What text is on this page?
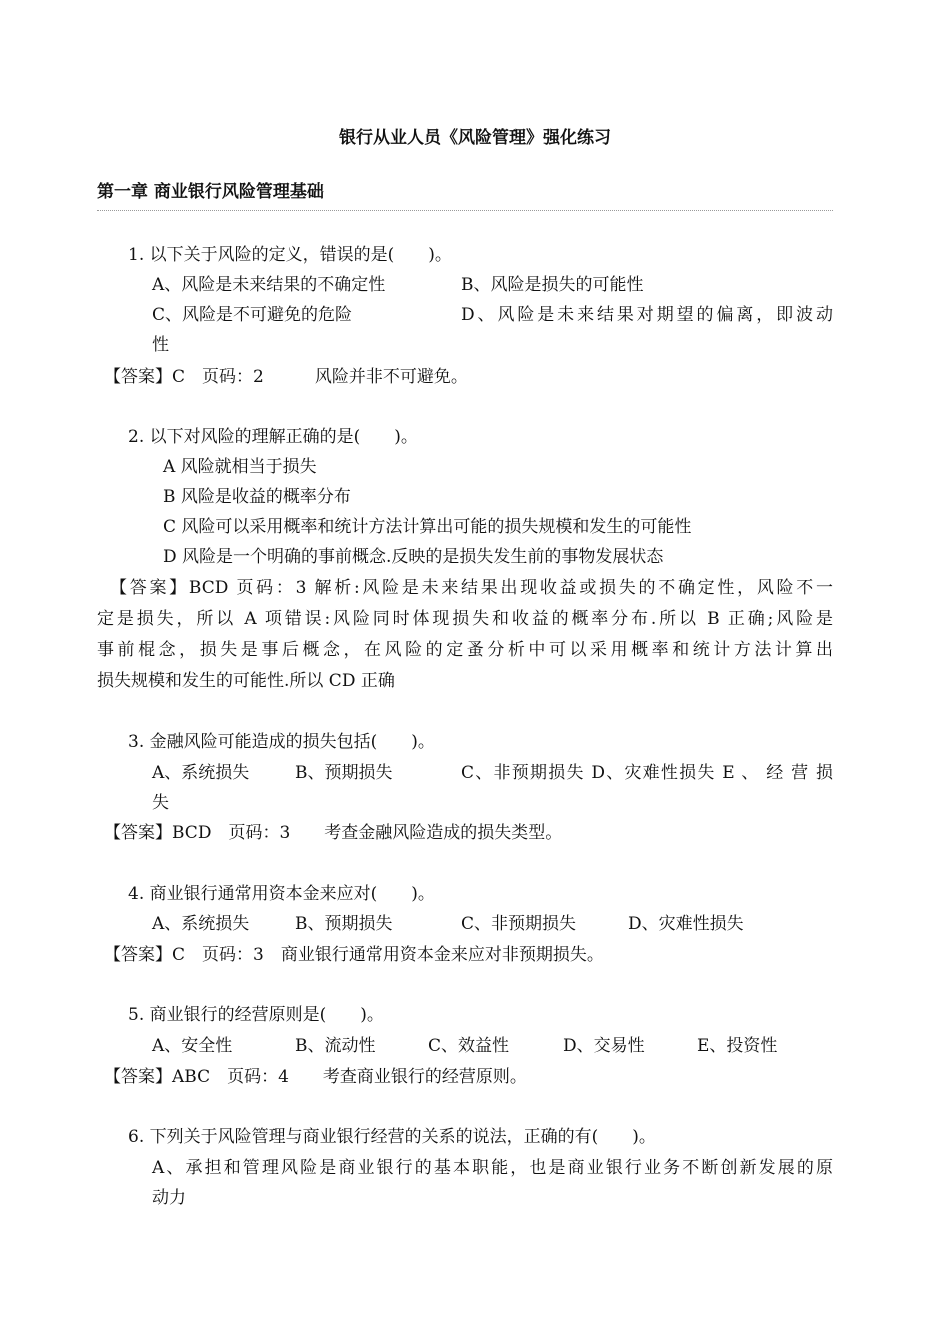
银行从业人员《风险管理》强化练习
第一章 商业银行风险管理基础
1. 以下关于风险的定义，错误的是(　　)。
A、风险是未来结果的不确定性	B、风险是损失的可能性
C、风险是不可避免的危险	D、风险是未来结果对期望的偏离，即波动
性
【答案】C　页码：2　　　风险并非不可避免。
2. 以下对风险的理解正确的是(　　)。
A 风险就相当于损失
B 风险是收益的概率分布
C 风险可以采用概率和统计方法计算出可能的损失规模和发生的可能性
D 风险是一个明确的事前概念.反映的是损失发生前的事物发展状态
【答案】BCD 页码：3 解析:风险是未来结果出现收益或损失的不确定性，风险不一
定是损失，所以 A 项错误:风险同时体现损失和收益的概率分布.所以 B 正确;风险是
事前棍念，损失是事后概念，在风险的定蚤分析中可以采用概率和统计方法计算出
损失规模和发生的可能性.所以 CD 正确
3. 金融风险可能造成的损失包括(　　)。
A、系统损失	B、预期损失	C、非预期损失 D、灾难性损失 E 、 经 营 损
失
【答案】BCD　页码：3　　考查金融风险造成的损失类型。
4. 商业银行通常用资本金来应对(　　)。
A、系统损失	B、预期损失	C、非预期损失	D、灾难性损失
【答案】C　页码：3　商业银行通常用资本金来应对非预期损失。
5. 商业银行的经营原则是(　　)。
A、安全性	B、流动性	C、效益性	D、交易性	E、投资性
【答案】ABC　页码：4　　考查商业银行的经营原则。
6. 下列关于风险管理与商业银行经营的关系的说法，正确的有(　　)。
A、承担和管理风险是商业银行的基本职能，也是商业银行业务不断创新发展的原
动力
